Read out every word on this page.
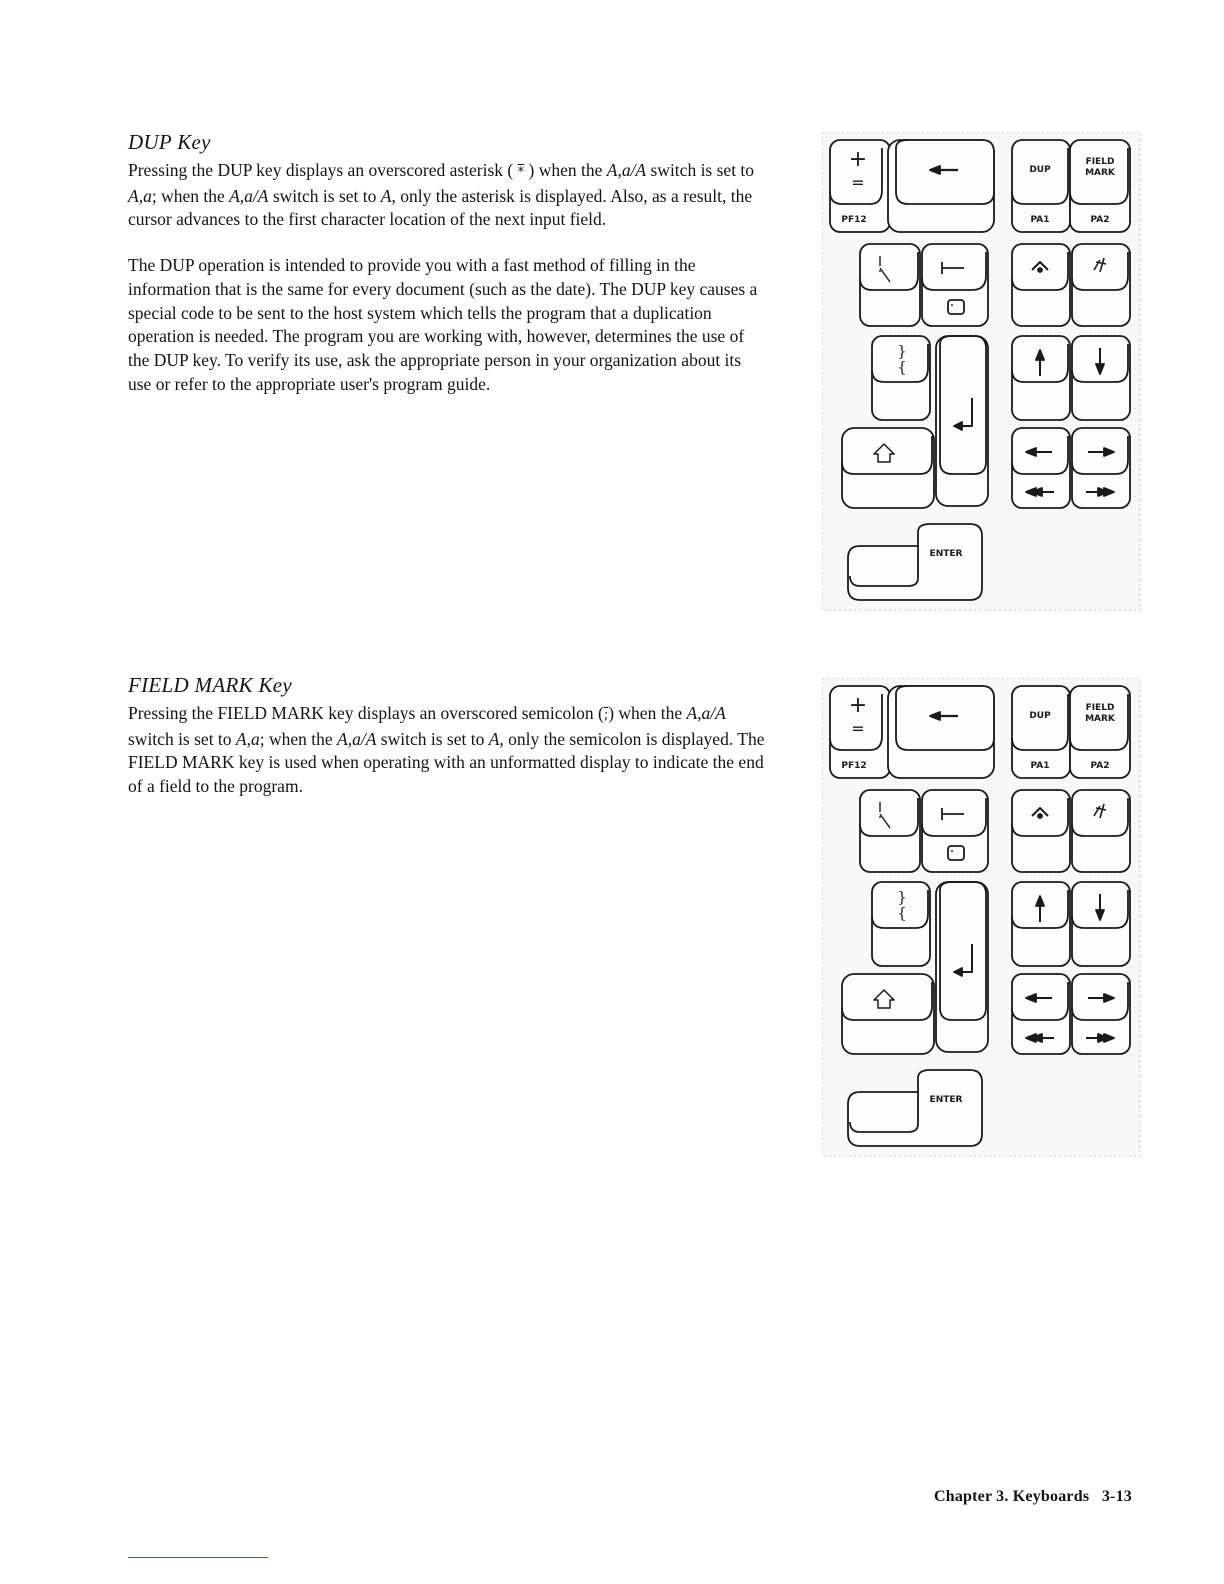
DUP Key

Pressing the DUP key displays an overscored asterisk ( * ) when the A,a/A switch is set to A,a; when the A,a/A switch is set to A, only the asterisk is displayed. Also, as a result, the cursor advances to the first character location of the next input field.

The DUP operation is intended to provide you with a fast method of filling in the information that is the same for every document (such as the date). The DUP key causes a special code to be sent to the host system which tells the program that a duplication operation is needed. The program you are working with, however, determines the use of the DUP key. To verify its use, ask the appropriate person in your organization about its use or refer to the appropriate user's program guide.

FIELD MARK Key

Pressing the FIELD MARK key displays an overscored semicolon (;) when the A,a/A switch is set to A,a; when the A,a/A switch is set to A, only the semicolon is displayed. The FIELD MARK key is used when operating with an unformatted display to indicate the end of a field to the program.

+
=
PF12
DUP
PA1
FIELD
MARK
PA2
}
{
ENTER
+
=
PF12
DUP
PA1
FIELD
MARK
PA2
}
{
ENTER
Chapter 3. Keyboards 3-13
